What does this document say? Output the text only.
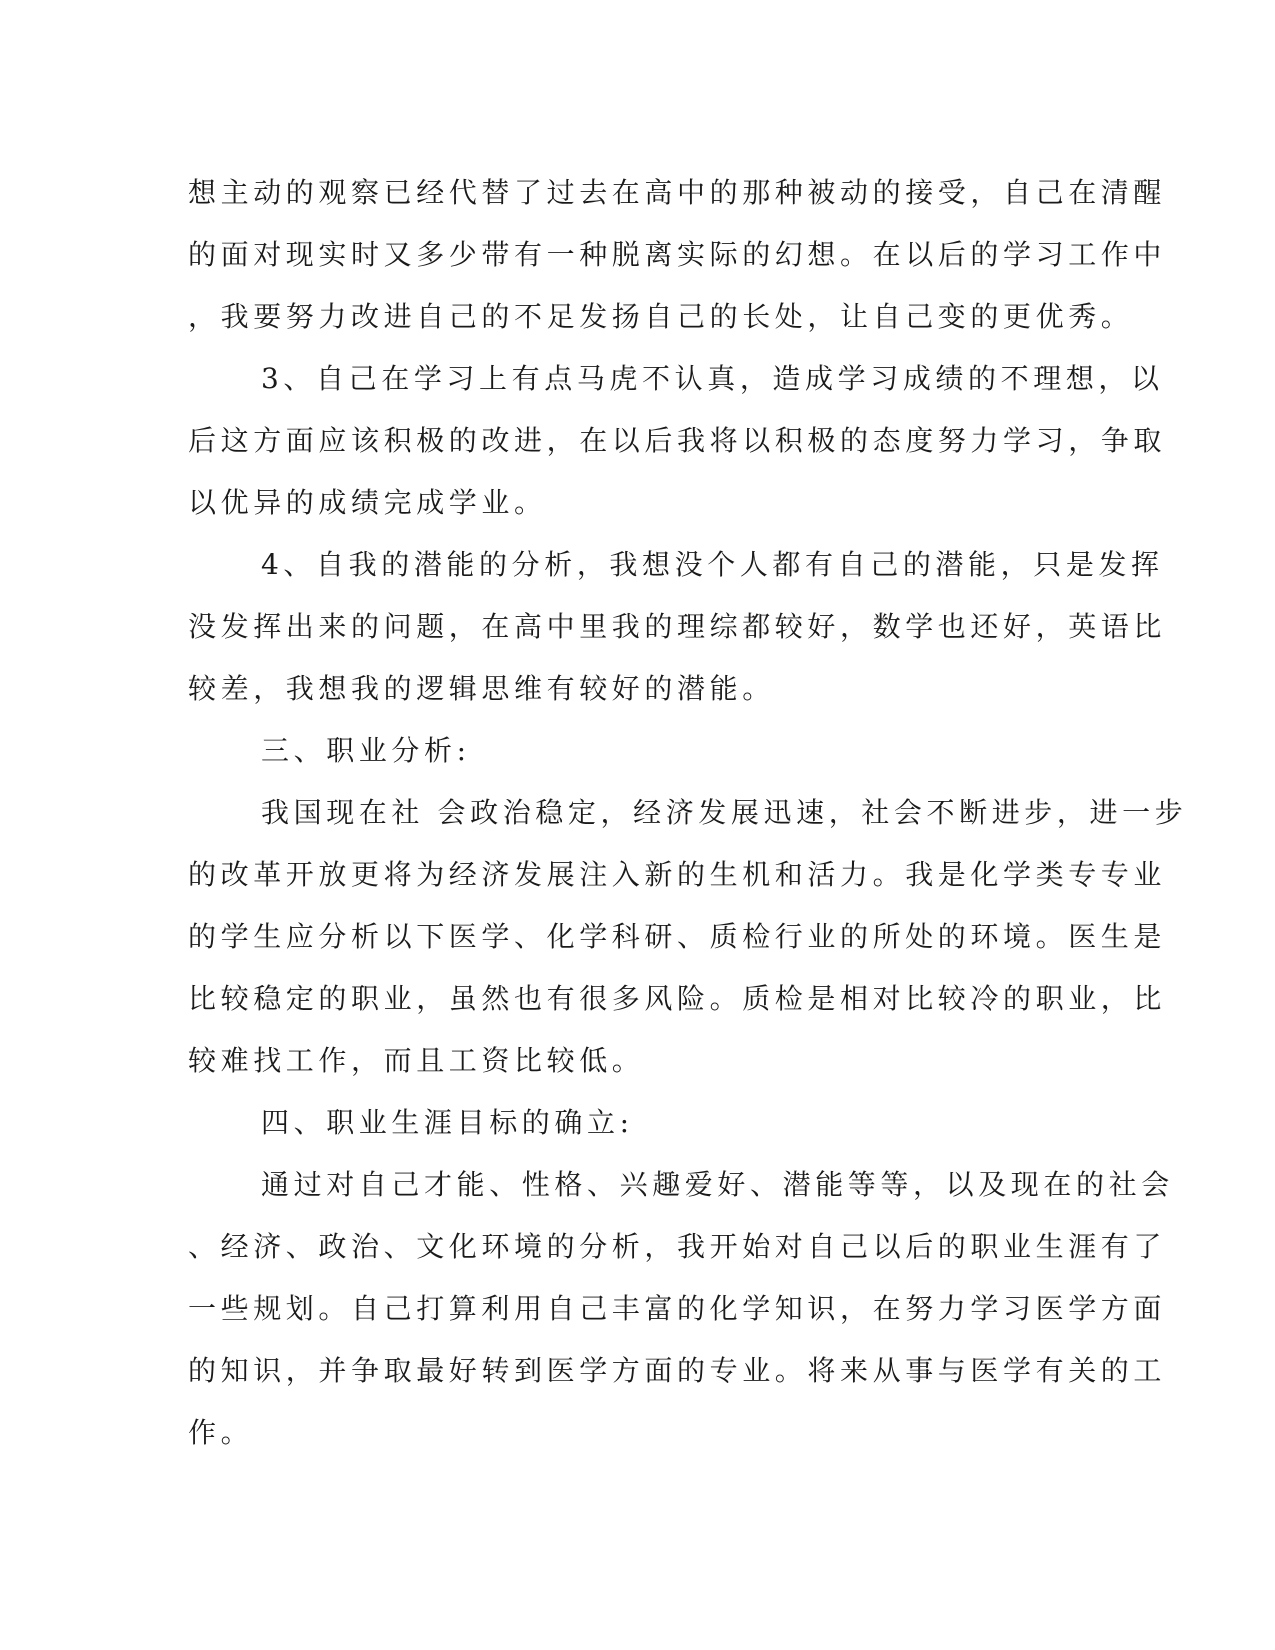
想主动的观察已经代替了过去在高中的那种被动的接受，自己在清醒
的面对现实时又多少带有一种脱离实际的幻想。在以后的学习工作中
，我要努力改进自己的不足发扬自己的长处，让自己变的更优秀。
3、自己在学习上有点马虎不认真，造成学习成绩的不理想，以
后这方面应该积极的改进，在以后我将以积极的态度努力学习，争取
以优异的成绩完成学业。
4、自我的潜能的分析，我想没个人都有自己的潜能，只是发挥
没发挥出来的问题，在高中里我的理综都较好，数学也还好，英语比
较差，我想我的逻辑思维有较好的潜能。
三、职业分析:
我国现在社 会政治稳定，经济发展迅速，社会不断进步，进一步
的改革开放更将为经济发展注入新的生机和活力。我是化学类专专业
的学生应分析以下医学、化学科研、质检行业的所处的环境。医生是
比较稳定的职业，虽然也有很多风险。质检是相对比较冷的职业，比
较难找工作，而且工资比较低。
四、职业生涯目标的确立:
通过对自己才能、性格、兴趣爱好、潜能等等，以及现在的社会
、经济、政治、文化环境的分析，我开始对自己以后的职业生涯有了
一些规划。自己打算利用自己丰富的化学知识，在努力学习医学方面
的知识，并争取最好转到医学方面的专业。将来从事与医学有关的工
作。
